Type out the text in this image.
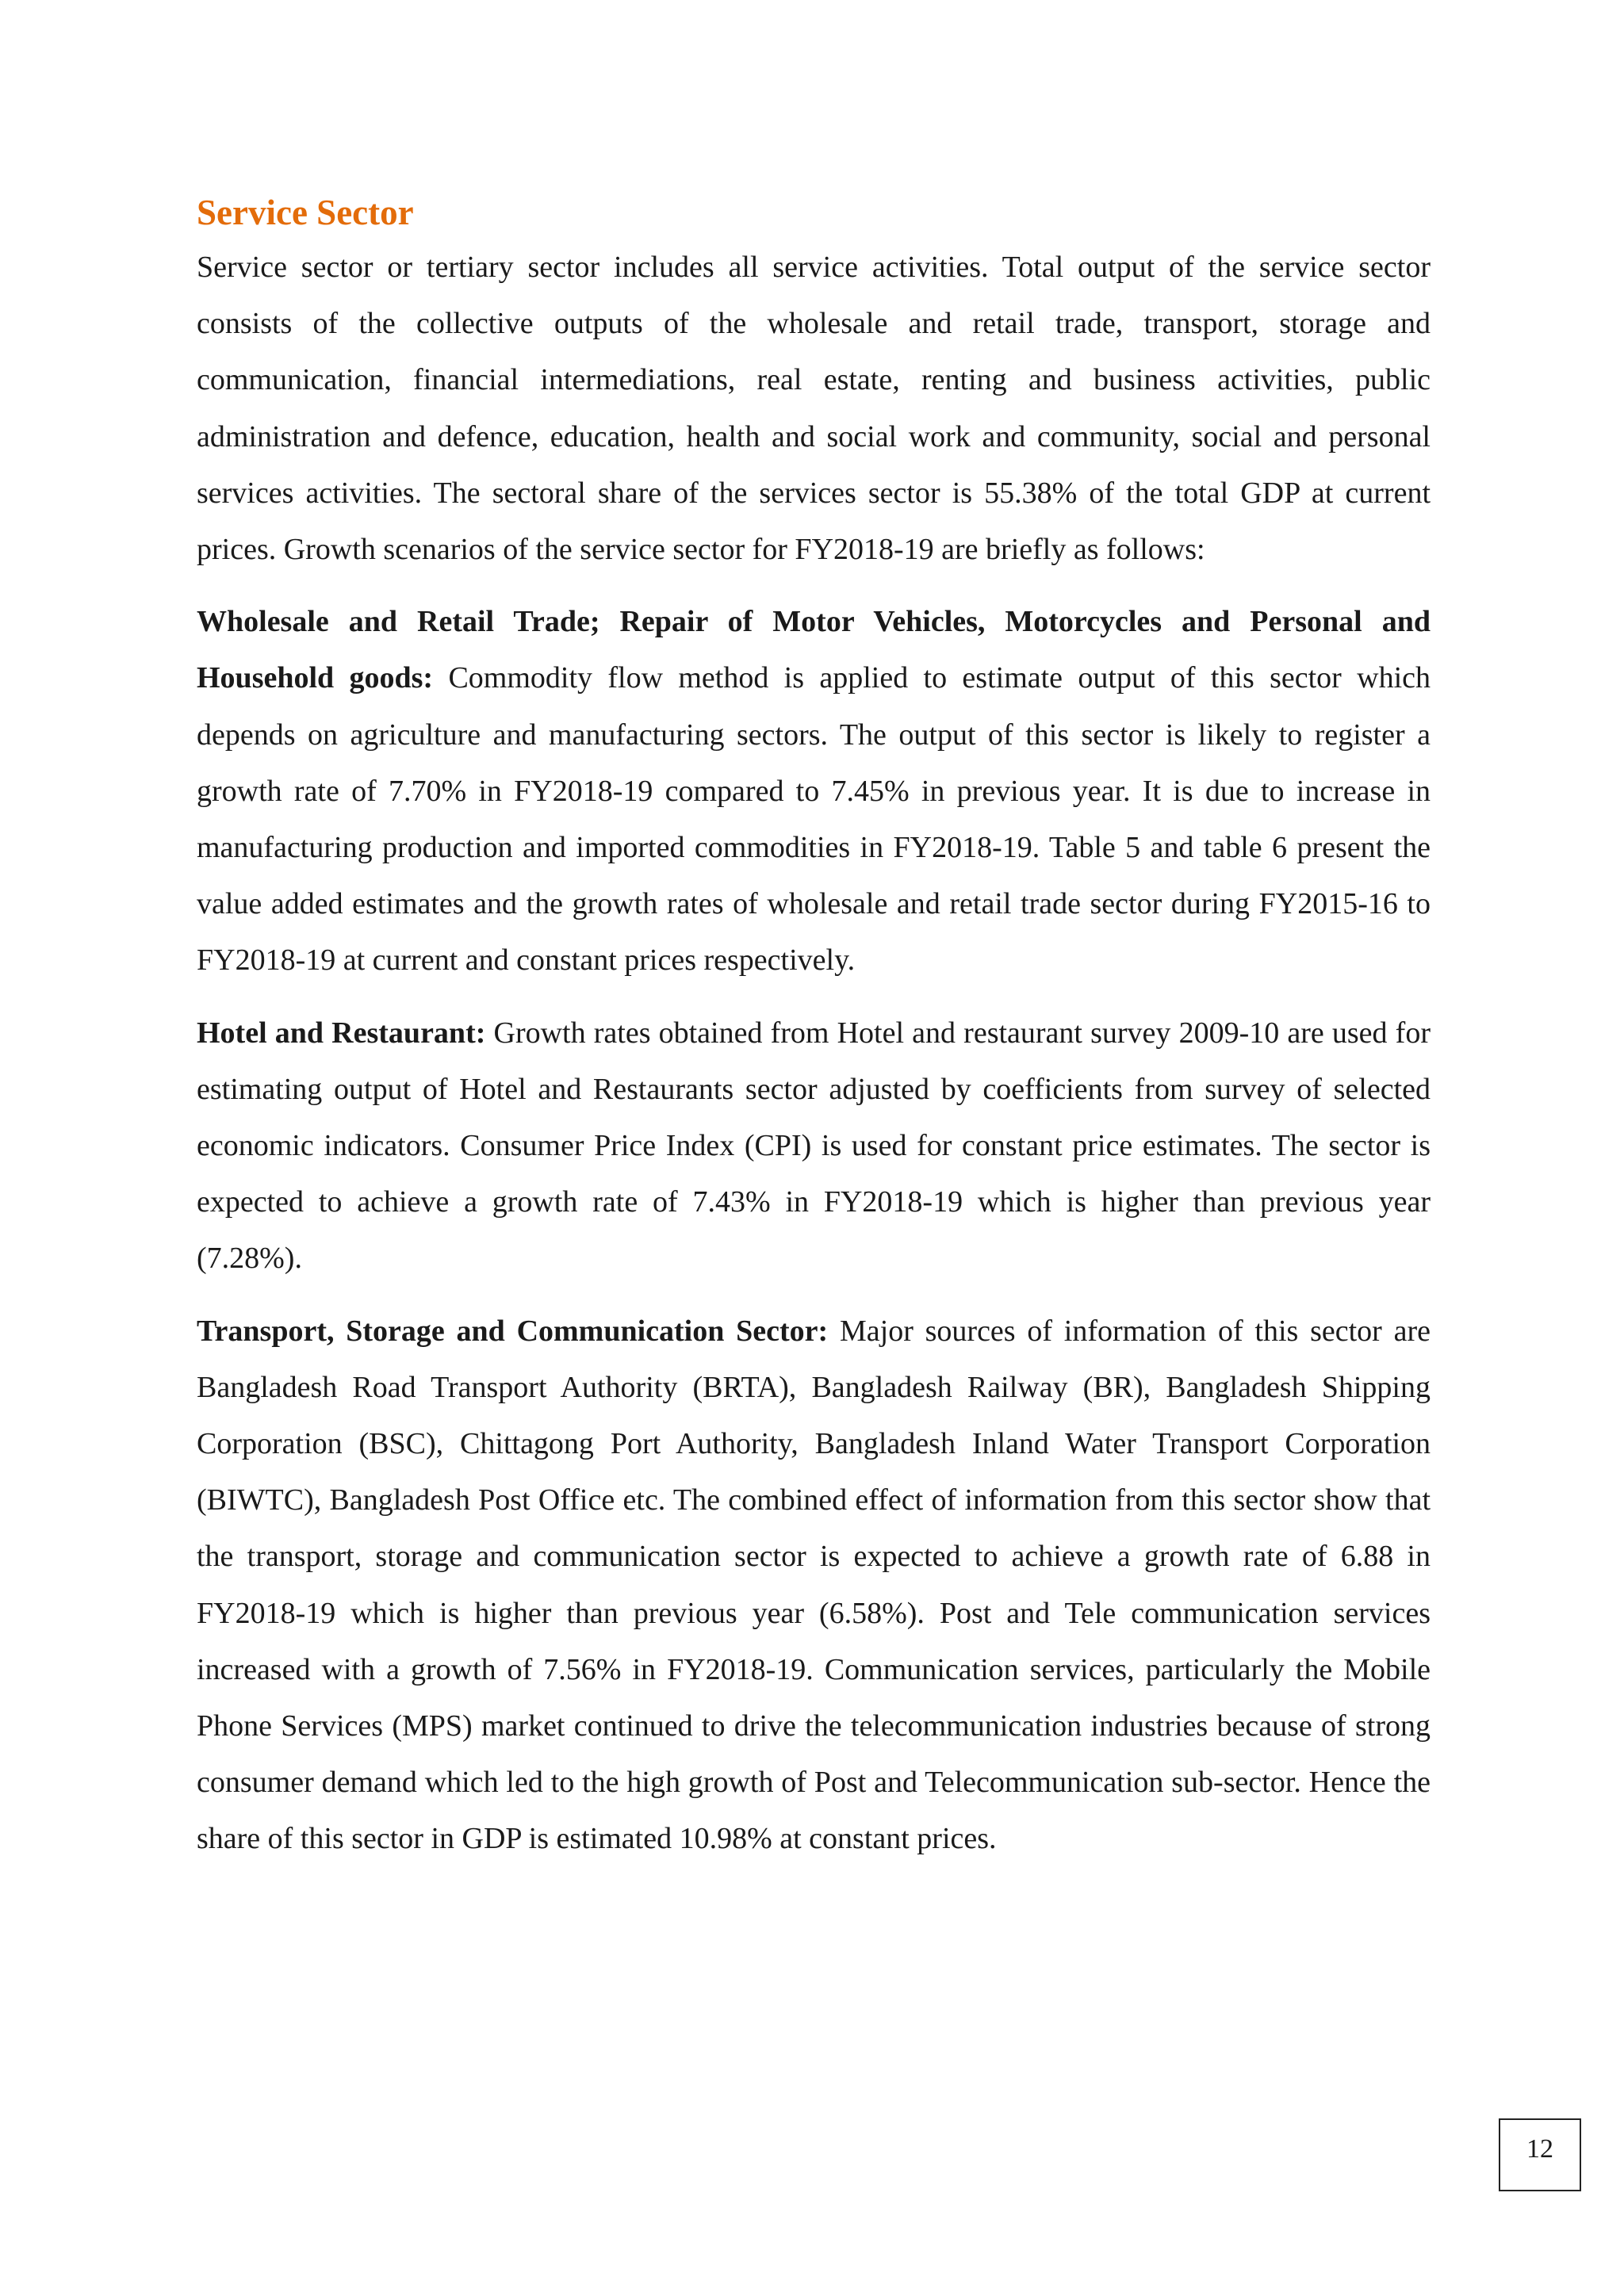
Service Sector

Service sector or tertiary sector includes all service activities. Total output of the service sector consists of the collective outputs of the wholesale and retail trade, transport, storage and communication, financial intermediations, real estate, renting and business activities, public administration and defence, education, health and social work and community, social and personal services activities. The sectoral share of the services sector is 55.38% of the total GDP at current prices. Growth scenarios of the service sector for FY2018-19 are briefly as follows:

Wholesale and Retail Trade; Repair of Motor Vehicles, Motorcycles and Personal and Household goods: Commodity flow method is applied to estimate output of this sector which depends on agriculture and manufacturing sectors. The output of this sector is likely to register a growth rate of 7.70% in FY2018-19 compared to 7.45% in previous year. It is due to increase in manufacturing production and imported commodities in FY2018-19. Table 5 and table 6 present the value added estimates and the growth rates of wholesale and retail trade sector during FY2015-16 to FY2018-19 at current and constant prices respectively.

Hotel and Restaurant: Growth rates obtained from Hotel and restaurant survey 2009-10 are used for estimating output of Hotel and Restaurants sector adjusted by coefficients from survey of selected economic indicators. Consumer Price Index (CPI) is used for constant price estimates. The sector is expected to achieve a growth rate of 7.43% in FY2018-19 which is higher than previous year (7.28%).

Transport, Storage and Communication Sector: Major sources of information of this sector are Bangladesh Road Transport Authority (BRTA), Bangladesh Railway (BR), Bangladesh Shipping Corporation (BSC), Chittagong Port Authority, Bangladesh Inland Water Transport Corporation (BIWTC), Bangladesh Post Office etc. The combined effect of information from this sector show that the transport, storage and communication sector is expected to achieve a growth rate of 6.88 in FY2018-19 which is higher than previous year (6.58%). Post and Tele communication services increased with a growth of 7.56% in FY2018-19. Communication services, particularly the Mobile Phone Services (MPS) market continued to drive the telecommunication industries because of strong consumer demand which led to the high growth of Post and Telecommunication sub-sector. Hence the share of this sector in GDP is estimated 10.98% at constant prices.

12
